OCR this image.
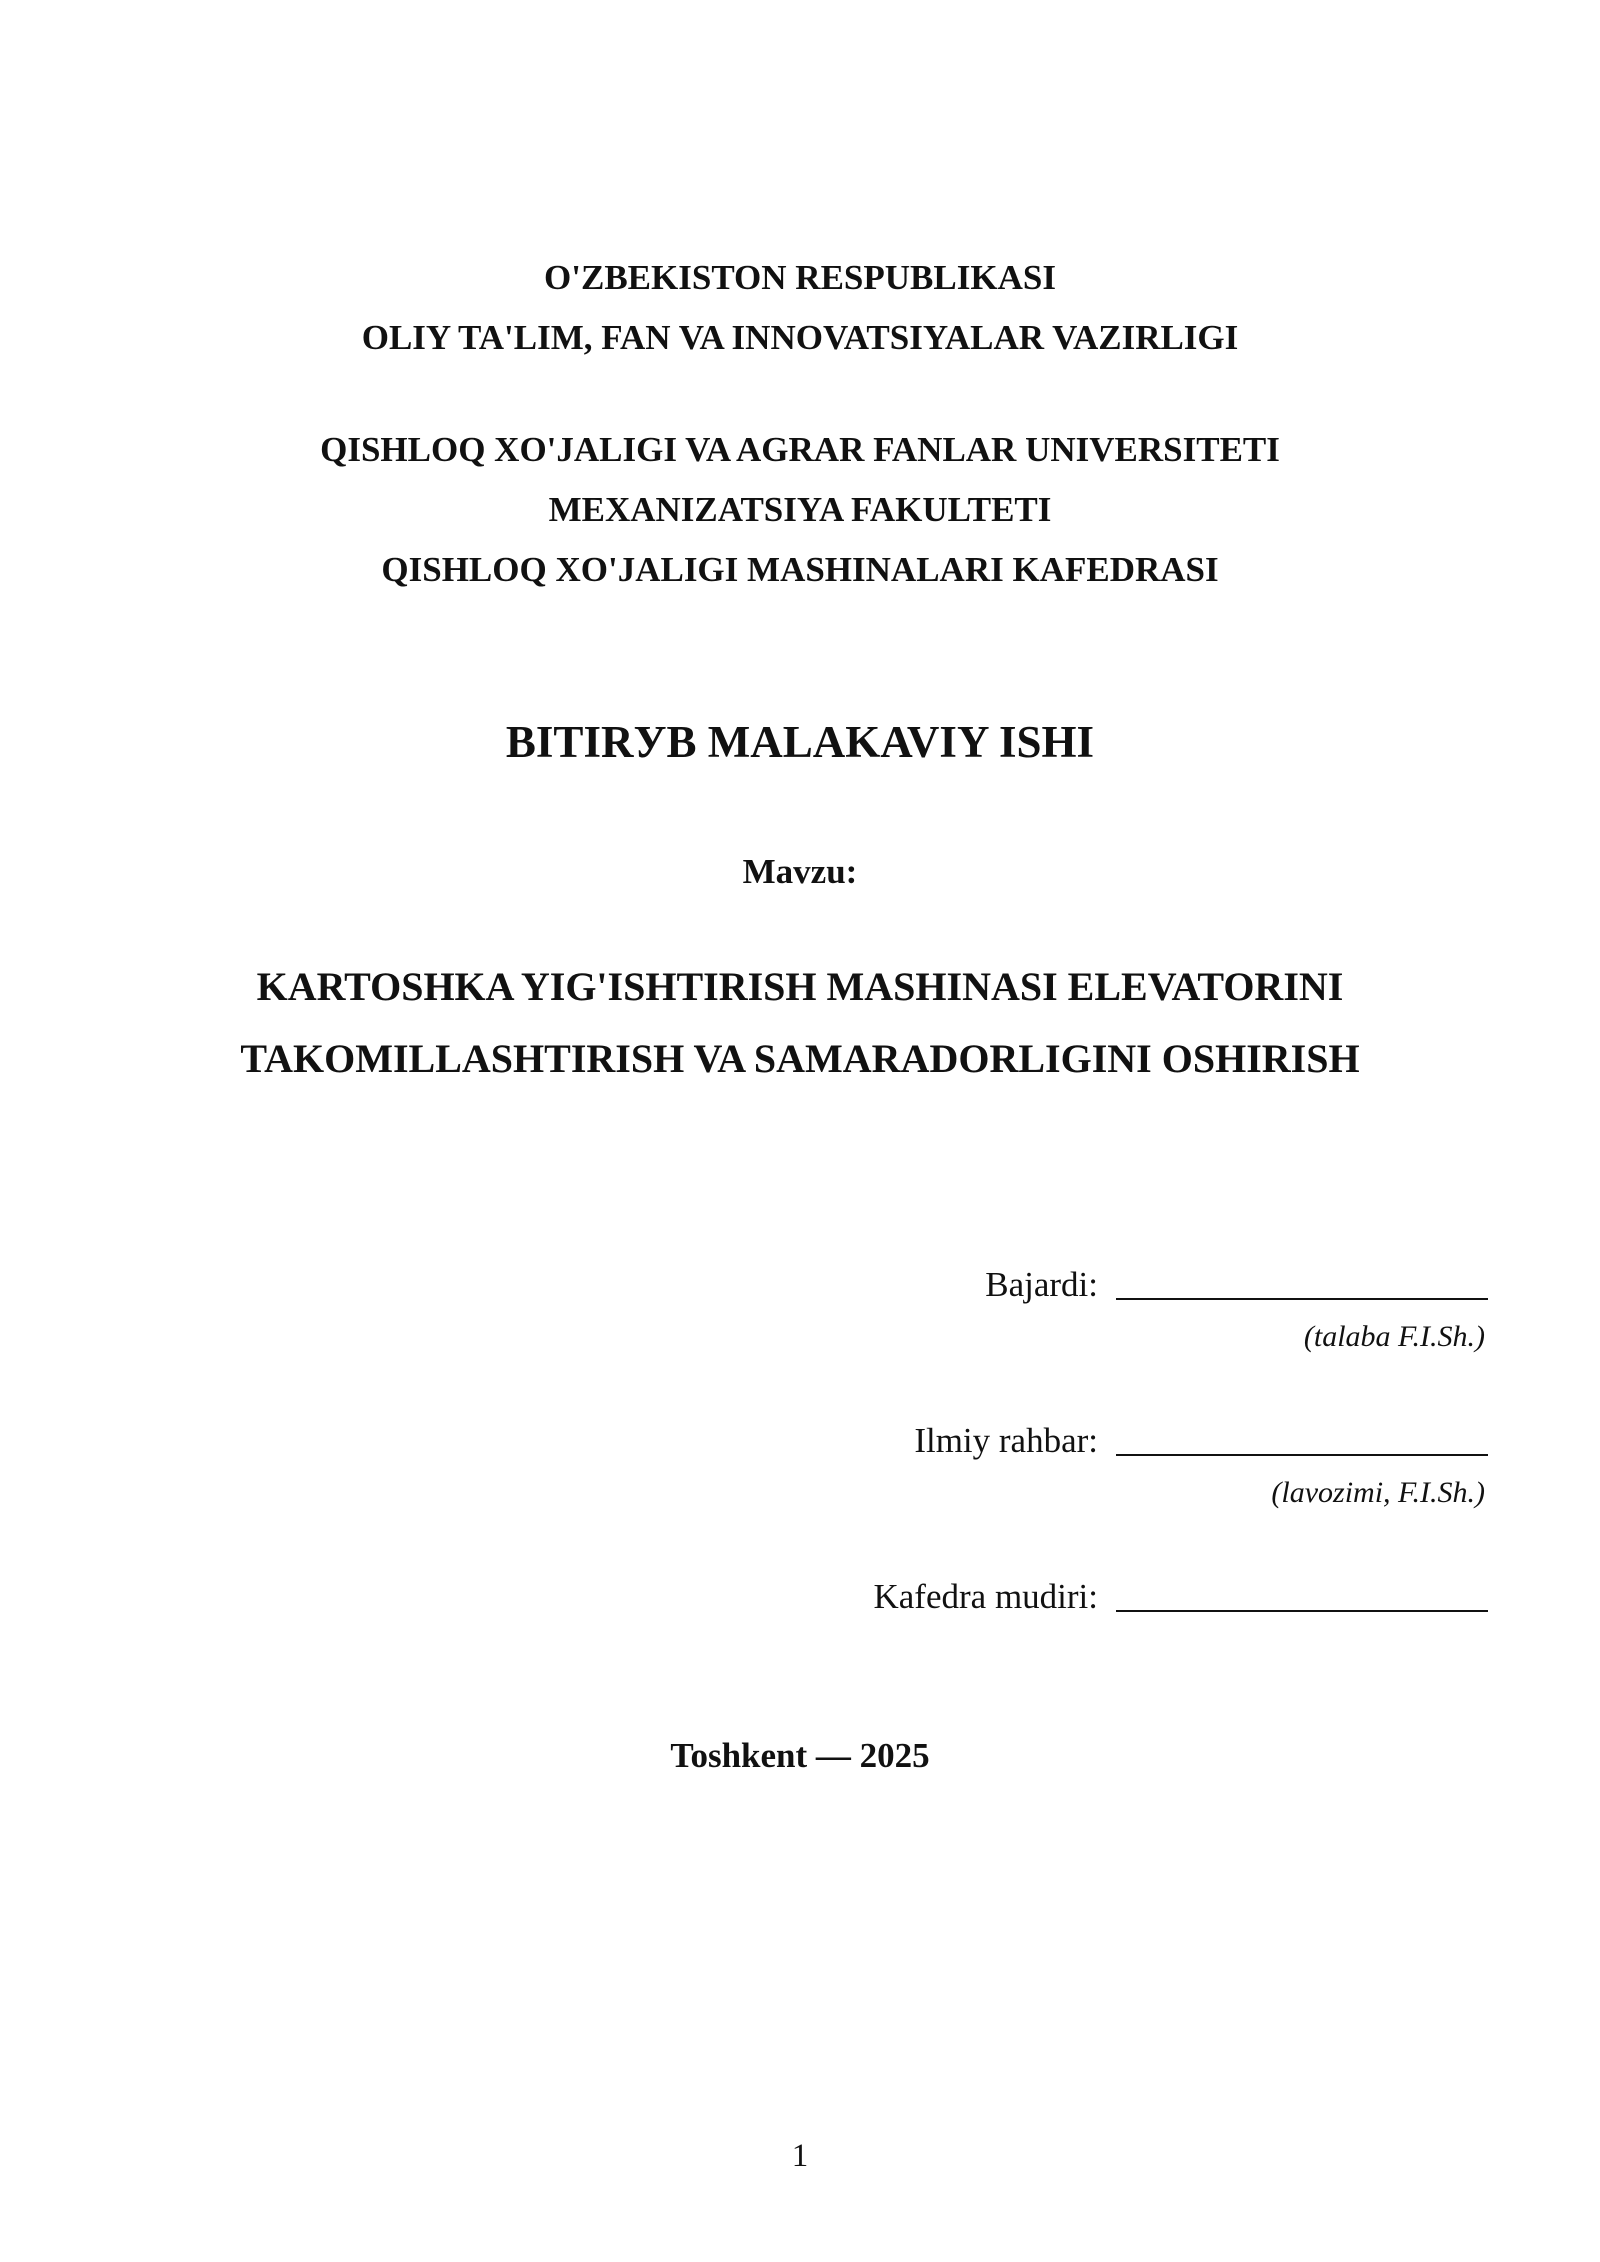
O'ZBEKISTON RESPUBLIKASI
OLIY TA'LIM, FAN VA INNOVATSIYALAR VAZIRLIGI
QISHLOQ XO'JALIGI VA AGRAR FANLAR UNIVERSITETI
MEXANIZATSIYA FAKULTETI
QISHLOQ XO'JALIGI MASHINALARI KAFEDRASI
BITIRУВ MALAKAVIY ISHI
Mavzu:
KARTOSHKA YIG'ISHTIRISH MASHINASI ELEVATORINI
TAKOMILLASHTIRISH VA SAMARADORLIGINI OSHIRISH
Bajardi:
(talaba F.I.Sh.)
Ilmiy rahbar:
(lavozimi, F.I.Sh.)
Kafedra mudiri:
Toshkent — 2025
1
